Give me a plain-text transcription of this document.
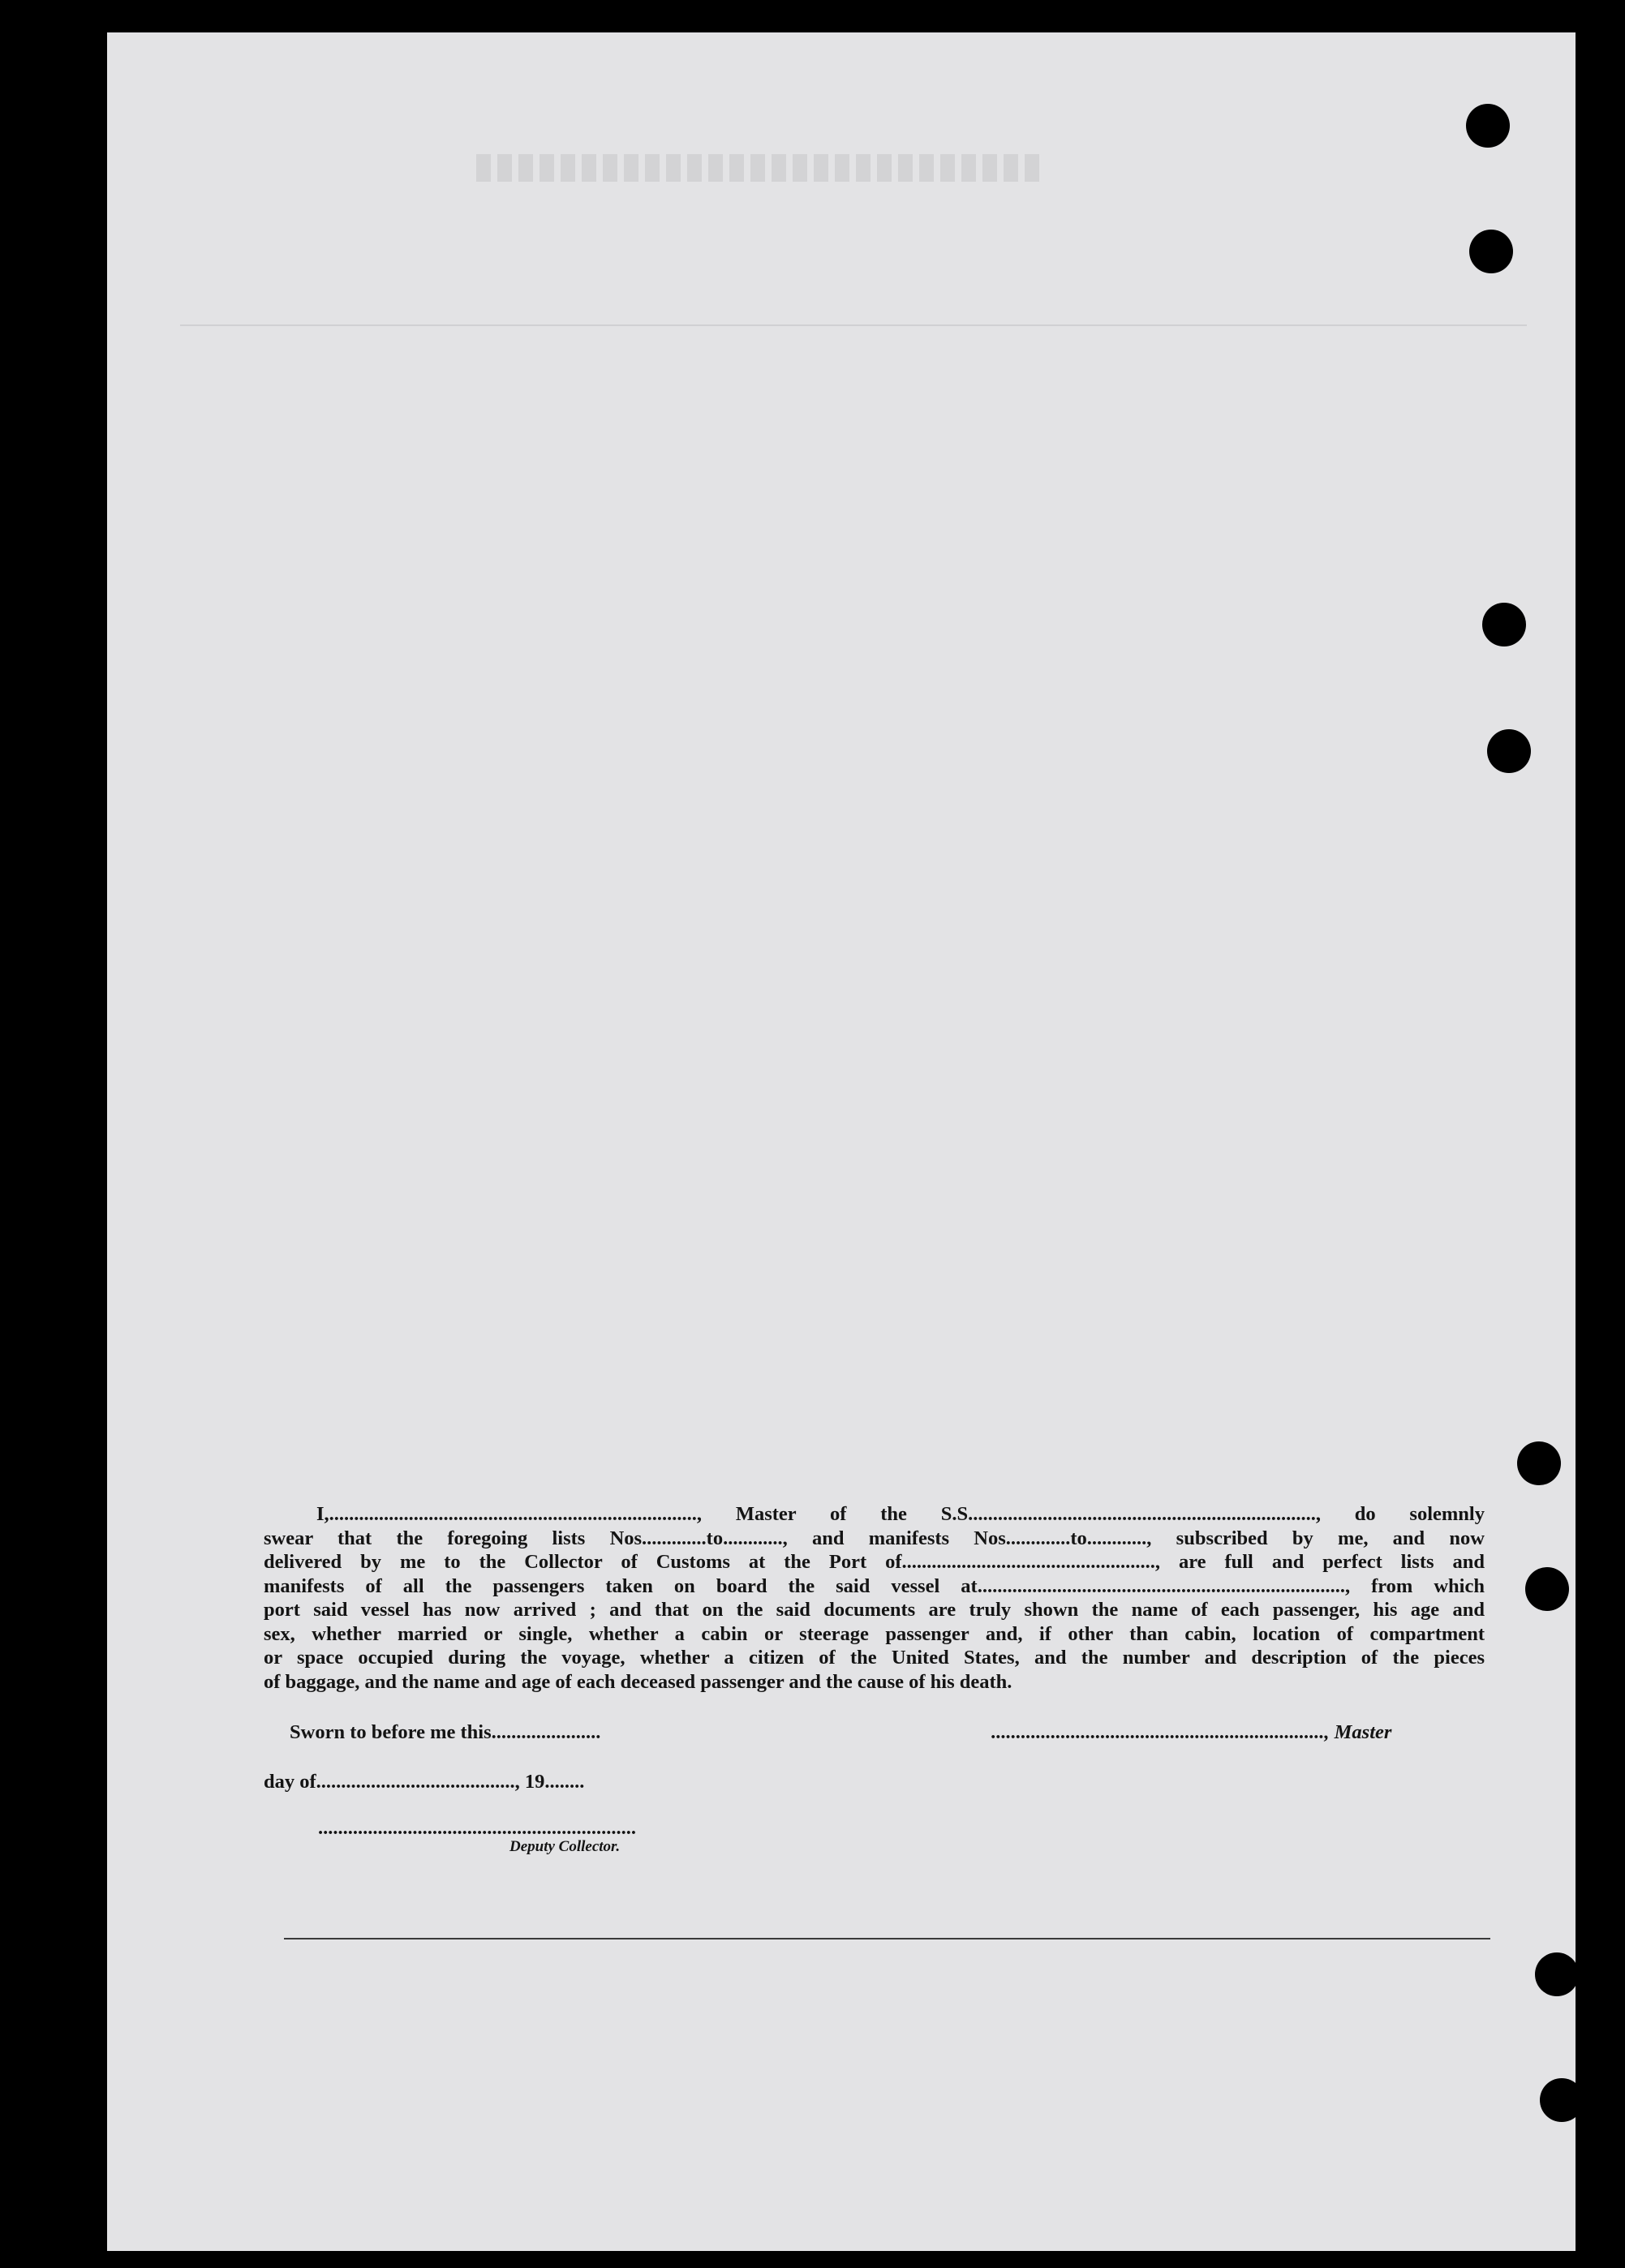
I,.........................................................................., Master of the S.S......................................................................, do solemnly
swear that the foregoing lists Nos.............to............, and manifests Nos.............to............, subscribed by me, and now
delivered by me to the Collector of Customs at the Port of..................................................., are full and perfect lists and
manifests of all the passengers taken on board the said vessel at.........................................................................., from which
port said vessel has now arrived ; and that on the said documents are truly shown the name of each passenger, his age and
sex, whether married or single, whether a cabin or steerage passenger and, if other than cabin, location of compartment
or space occupied during the voyage, whether a citizen of the United States, and the number and description of the pieces
of baggage, and the name and age of each deceased passenger and the cause of his death.
Sworn to before me this......................	..................................................................., Master
day of........................................, 19........
................................................................
Deputy Collector.
